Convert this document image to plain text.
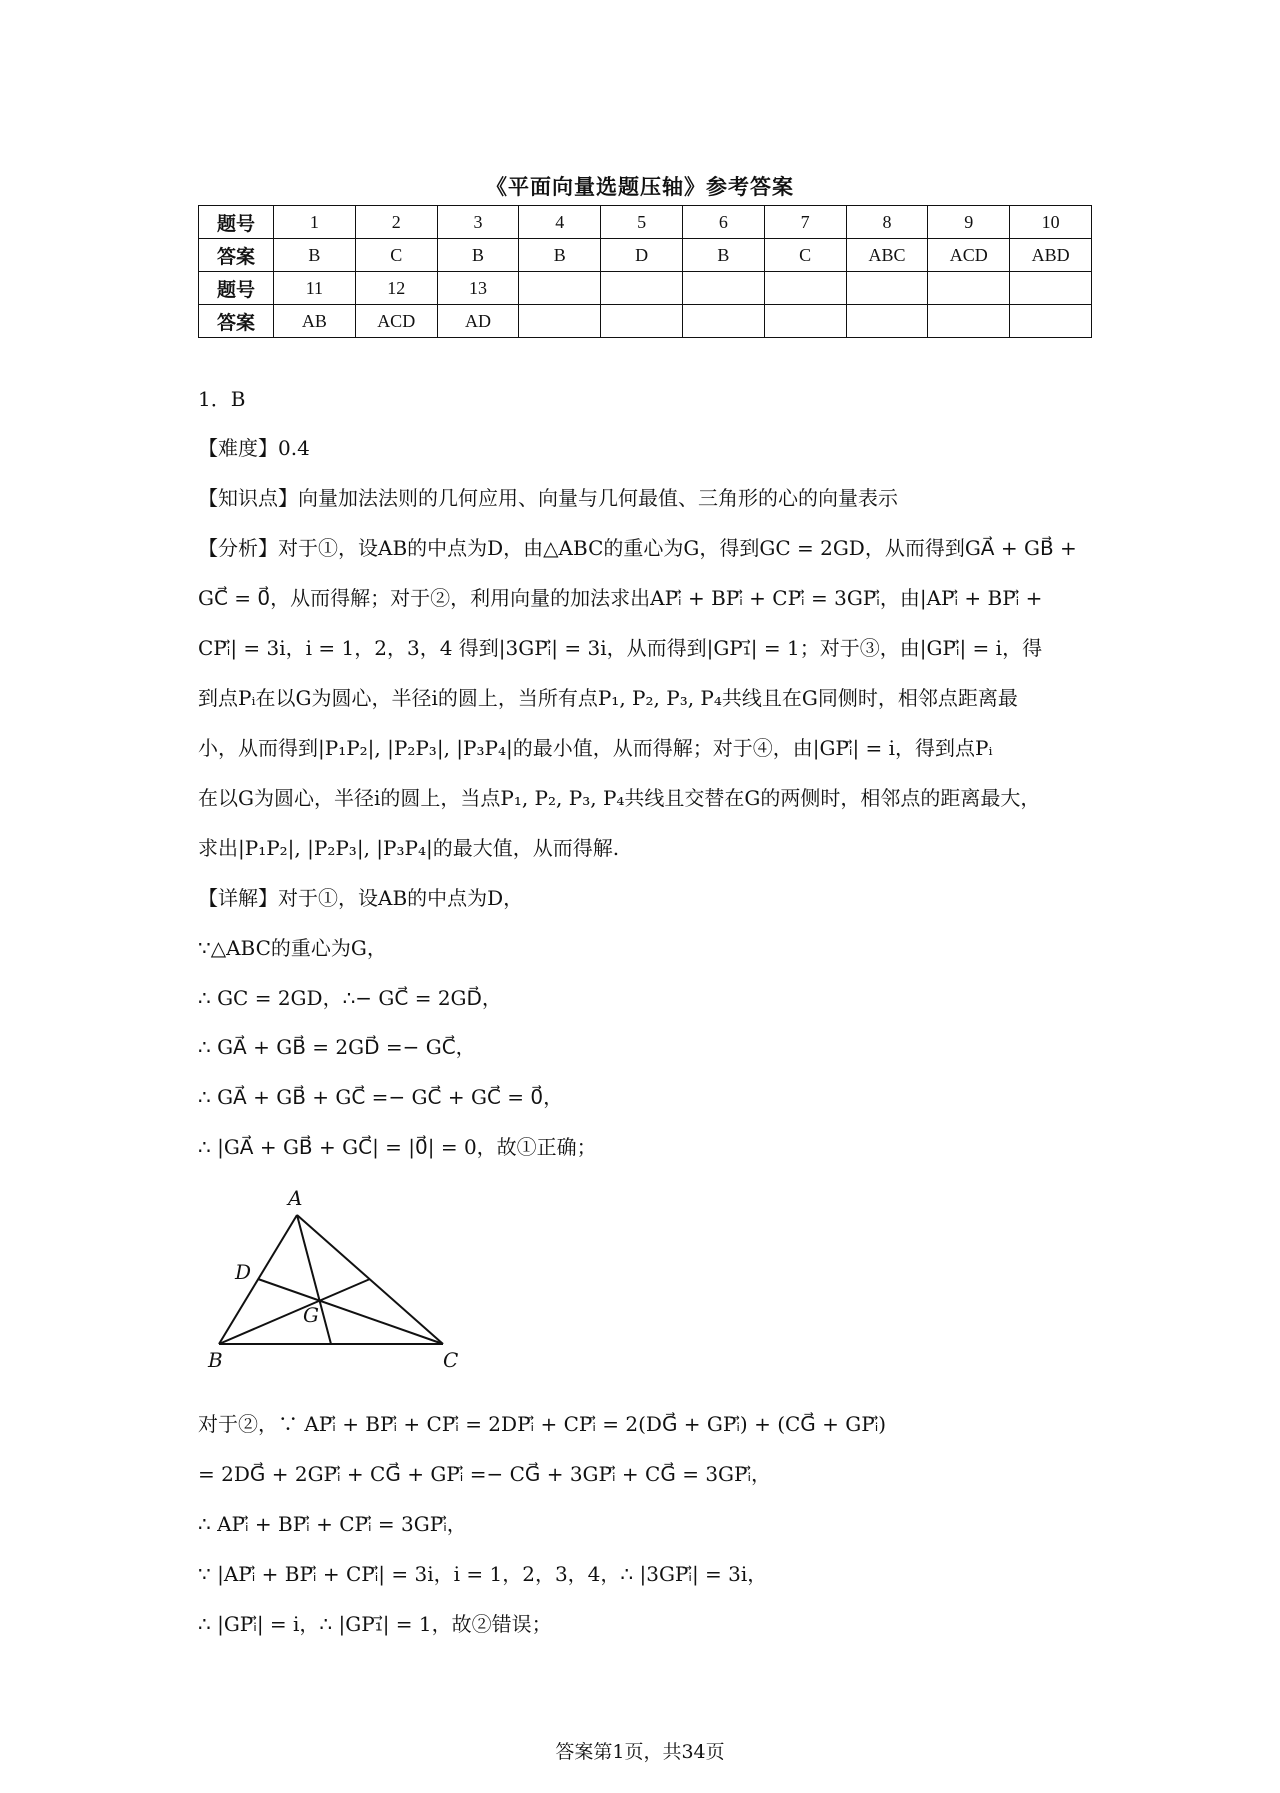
《平面向量选题压轴》参考答案
题号	1	2	3	4	5	6	7	8	9	10
答案	B	C	B	B	D	B	C	ABC	ACD	ABD
题号	11	12	13							
答案	AB	ACD	AD							
1．B
【难度】0.4
【知识点】向量加法法则的几何应用、向量与几何最值、三角形的心的向量表示
【分析】对于①，设AB的中点为D，由△ABC的重心为G，得到GC = 2GD，从而得到GA⃗ + GB⃗ +
GC⃗ = 0⃗，从而得解；对于②，利用向量的加法求出APᵢ⃗ + BPᵢ⃗ + CPᵢ⃗ = 3GPᵢ⃗，由|APᵢ⃗ + BPᵢ⃗ +
CPᵢ⃗| = 3i，i = 1，2，3，4 得到|3GPᵢ⃗| = 3i，从而得到|GP₁⃗| = 1；对于③，由|GPᵢ⃗| = i，得
到点Pᵢ在以G为圆心，半径i的圆上，当所有点P₁, P₂, P₃, P₄共线且在G同侧时，相邻点距离最
小，从而得到|P₁P₂|, |P₂P₃|, |P₃P₄|的最小值，从而得解；对于④，由|GPᵢ⃗| = i，得到点Pᵢ
在以G为圆心，半径i的圆上，当点P₁, P₂, P₃, P₄共线且交替在G的两侧时，相邻点的距离最大，
求出|P₁P₂|, |P₂P₃|, |P₃P₄|的最大值，从而得解.
【详解】对于①，设AB的中点为D，
∵△ABC的重心为G，
∴ GC = 2GD，∴− GC⃗ = 2GD⃗，
∴ GA⃗ + GB⃗ = 2GD⃗ =− GC⃗，
∴ GA⃗ + GB⃗ + GC⃗ =− GC⃗ + GC⃗ = 0⃗，
∴ |GA⃗ + GB⃗ + GC⃗| = |0⃗| = 0，故①正确；
A
B	C
D
G
对于②，∵ APᵢ⃗ + BPᵢ⃗ + CPᵢ⃗ = 2DPᵢ⃗ + CPᵢ⃗ = 2(DG⃗ + GPᵢ⃗) + (CG⃗ + GPᵢ⃗)
= 2DG⃗ + 2GPᵢ⃗ + CG⃗ + GPᵢ⃗ =− CG⃗ + 3GPᵢ⃗ + CG⃗ = 3GPᵢ⃗，
∴ APᵢ⃗ + BPᵢ⃗ + CPᵢ⃗ = 3GPᵢ⃗，
∵ |APᵢ⃗ + BPᵢ⃗ + CPᵢ⃗| = 3i，i = 1，2，3，4，∴ |3GPᵢ⃗| = 3i，
∴ |GPᵢ⃗| = i，∴ |GP₁⃗| = 1，故②错误；
答案第1页，共34页
